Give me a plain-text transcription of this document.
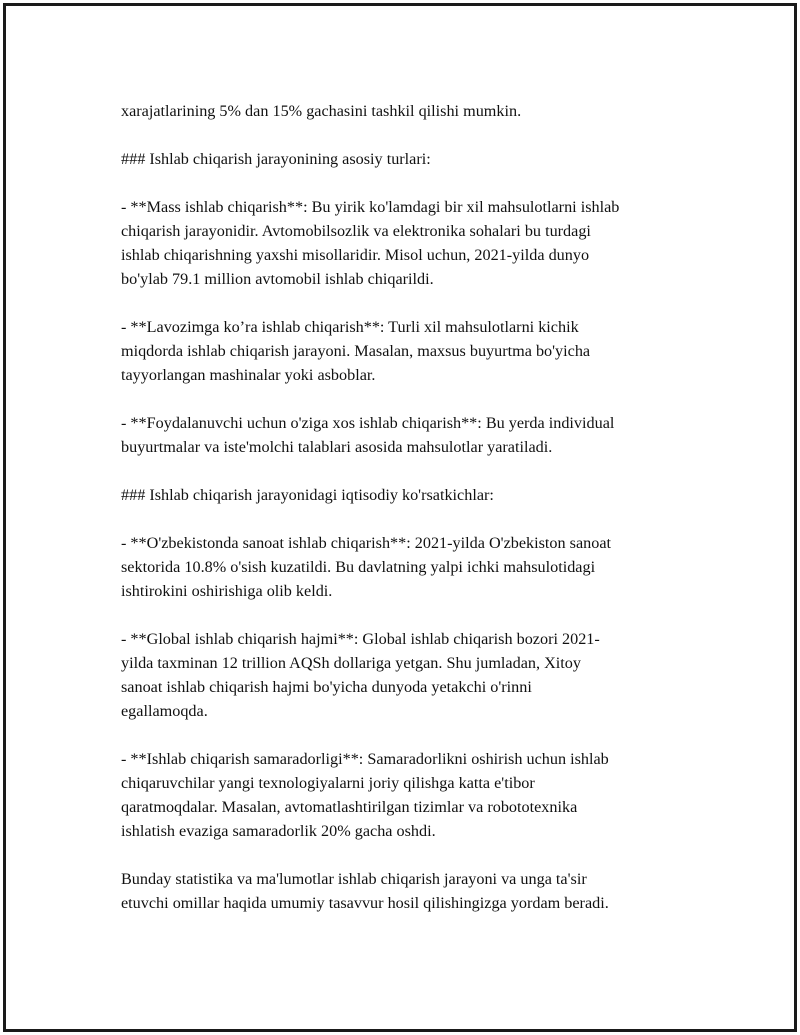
xarajatlarining 5% dan 15% gachasini tashkil qilishi mumkin.

### Ishlab chiqarish jarayonining asosiy turlari:

- **Mass ishlab chiqarish**: Bu yirik ko'lamdagi bir xil mahsulotlarni ishlab
chiqarish jarayonidir. Avtomobilsozlik va elektronika sohalari bu turdagi
ishlab chiqarishning yaxshi misollaridir. Misol uchun, 2021-yilda dunyo
bo'ylab 79.1 million avtomobil ishlab chiqarildi.

- **Lavozimga ko’ra ishlab chiqarish**: Turli xil mahsulotlarni kichik
miqdorda ishlab chiqarish jarayoni. Masalan, maxsus buyurtma bo'yicha
tayyorlangan mashinalar yoki asboblar.

- **Foydalanuvchi uchun o'ziga xos ishlab chiqarish**: Bu yerda individual
buyurtmalar va iste'molchi talablari asosida mahsulotlar yaratiladi.

### Ishlab chiqarish jarayonidagi iqtisodiy ko'rsatkichlar:

- **O'zbekistonda sanoat ishlab chiqarish**: 2021-yilda O'zbekiston sanoat
sektorida 10.8% o'sish kuzatildi. Bu davlatning yalpi ichki mahsulotidagi
ishtirokini oshirishiga olib keldi.

- **Global ishlab chiqarish hajmi**: Global ishlab chiqarish bozori 2021-
yilda taxminan 12 trillion AQSh dollariga yetgan. Shu jumladan, Xitoy
sanoat ishlab chiqarish hajmi bo'yicha dunyoda yetakchi o'rinni
egallamoqda.

- **Ishlab chiqarish samaradorligi**: Samaradorlikni oshirish uchun ishlab
chiqaruvchilar yangi texnologiyalarni joriy qilishga katta e'tibor
qaratmoqdalar. Masalan, avtomatlashtirilgan tizimlar va robototexnika
ishlatish evaziga samaradorlik 20% gacha oshdi.

Bunday statistika va ma'lumotlar ishlab chiqarish jarayoni va unga ta'sir
etuvchi omillar haqida umumiy tasavvur hosil qilishingizga yordam beradi.
